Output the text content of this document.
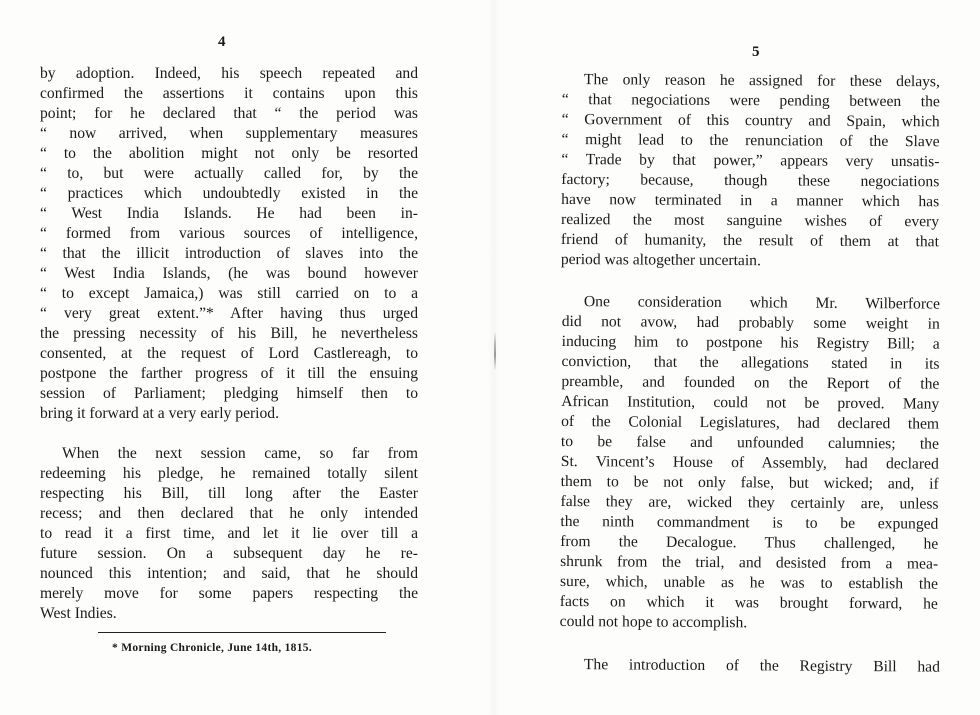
4
by adoption. Indeed, his speech repeated and
confirmed the assertions it contains upon this
point; for he declared that “ the period was
“ now arrived, when supplementary measures
“ to the abolition might not only be resorted
“ to, but were actually called for, by the
“ practices which undoubtedly existed in the
“ West India Islands. He had been in-
“ formed from various sources of intelligence,
“ that the illicit introduction of slaves into the
“ West India Islands, (he was bound however
“ to except Jamaica,) was still carried on to a
“ very great extent.”* After having thus urged
the pressing necessity of his Bill, he nevertheless
consented, at the request of Lord Castlereagh, to
postpone the farther progress of it till the ensuing
session of Parliament; pledging himself then to
bring it forward at a very early period.
When the next session came, so far from
redeeming his pledge, he remained totally silent
respecting his Bill, till long after the Easter
recess; and then declared that he only intended
to read it a first time, and let it lie over till a
future session. On a subsequent day he re-
nounced this intention; and said, that he should
merely move for some papers respecting the
West Indies.
* Morning Chronicle, June 14th, 1815.
5
The only reason he assigned for these delays,
“ that negociations were pending between the
“ Government of this country and Spain, which
“ might lead to the renunciation of the Slave
“ Trade by that power,” appears very unsatis-
factory; because, though these negociations
have now terminated in a manner which has
realized the most sanguine wishes of every
friend of humanity, the result of them at that
period was altogether uncertain.
One consideration which Mr. Wilberforce
did not avow, had probably some weight in
inducing him to postpone his Registry Bill; a
conviction, that the allegations stated in its
preamble, and founded on the Report of the
African Institution, could not be proved. Many
of the Colonial Legislatures, had declared them
to be false and unfounded calumnies; the
St. Vincent’s House of Assembly, had declared
them to be not only false, but wicked; and, if
false they are, wicked they certainly are, unless
the ninth commandment is to be expunged
from the Decalogue. Thus challenged, he
shrunk from the trial, and desisted from a mea-
sure, which, unable as he was to establish the
facts on which it was brought forward, he
could not hope to accomplish.
The introduction of the Registry Bill had
